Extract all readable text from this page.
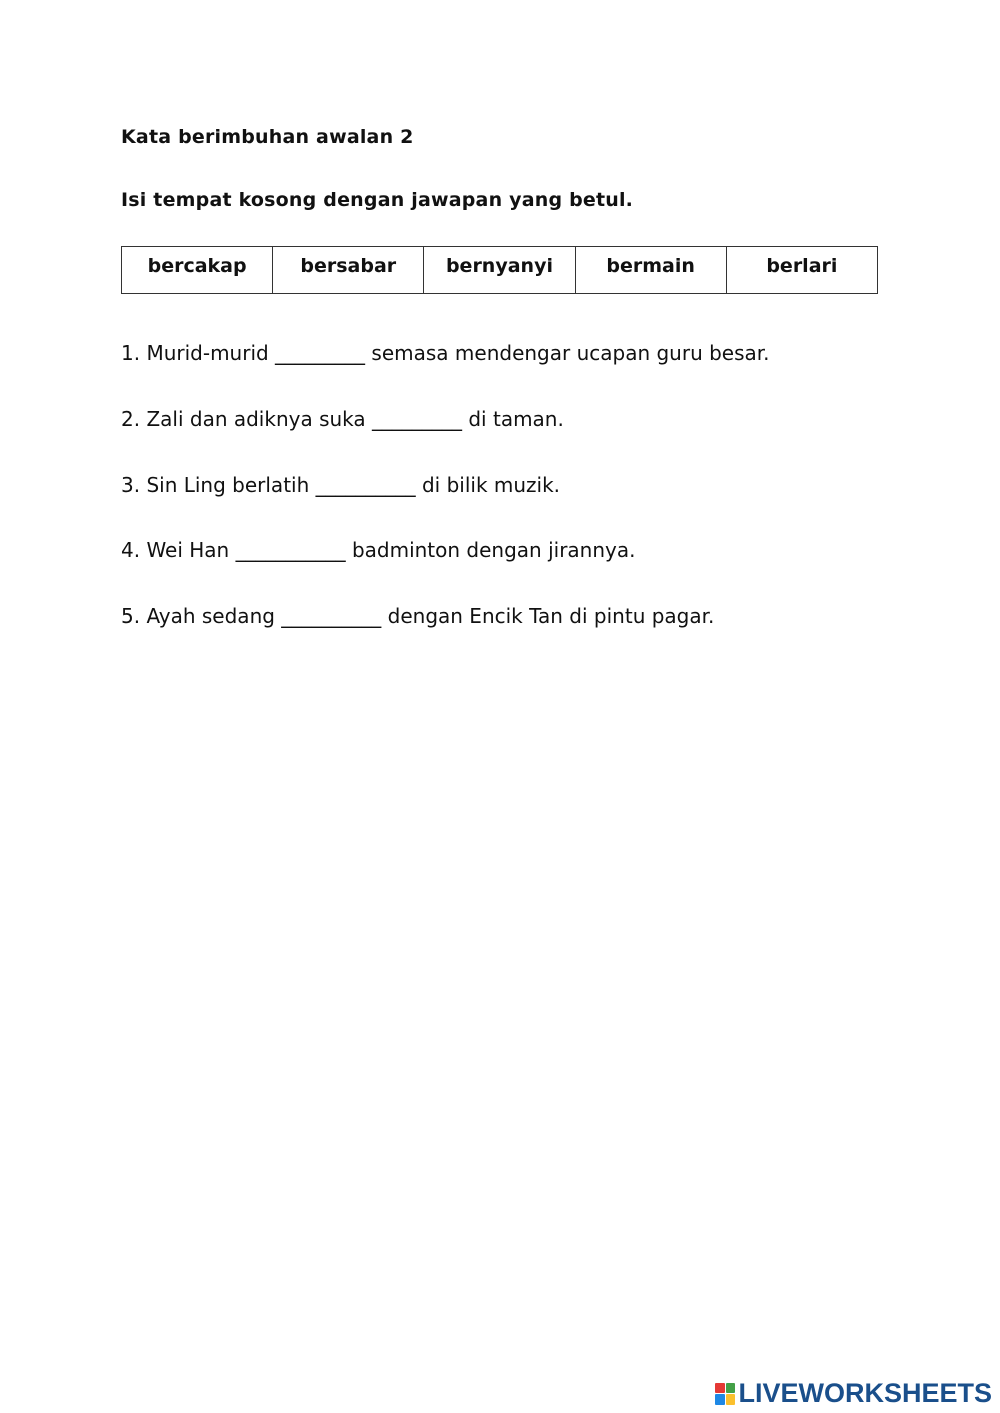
Kata berimbuhan awalan 2
Isi tempat kosong dengan jawapan yang betul.
bercakap	bersabar	bernyanyi	bermain	berlari
1. Murid-murid _________ semasa mendengar ucapan guru besar.
2. Zali dan adiknya suka _________ di taman.
3. Sin Ling berlatih __________ di bilik muzik.
4. Wei Han ___________ badminton dengan jirannya.
5. Ayah sedang __________ dengan Encik Tan di pintu pagar.
LIVEWORKSHEETS
